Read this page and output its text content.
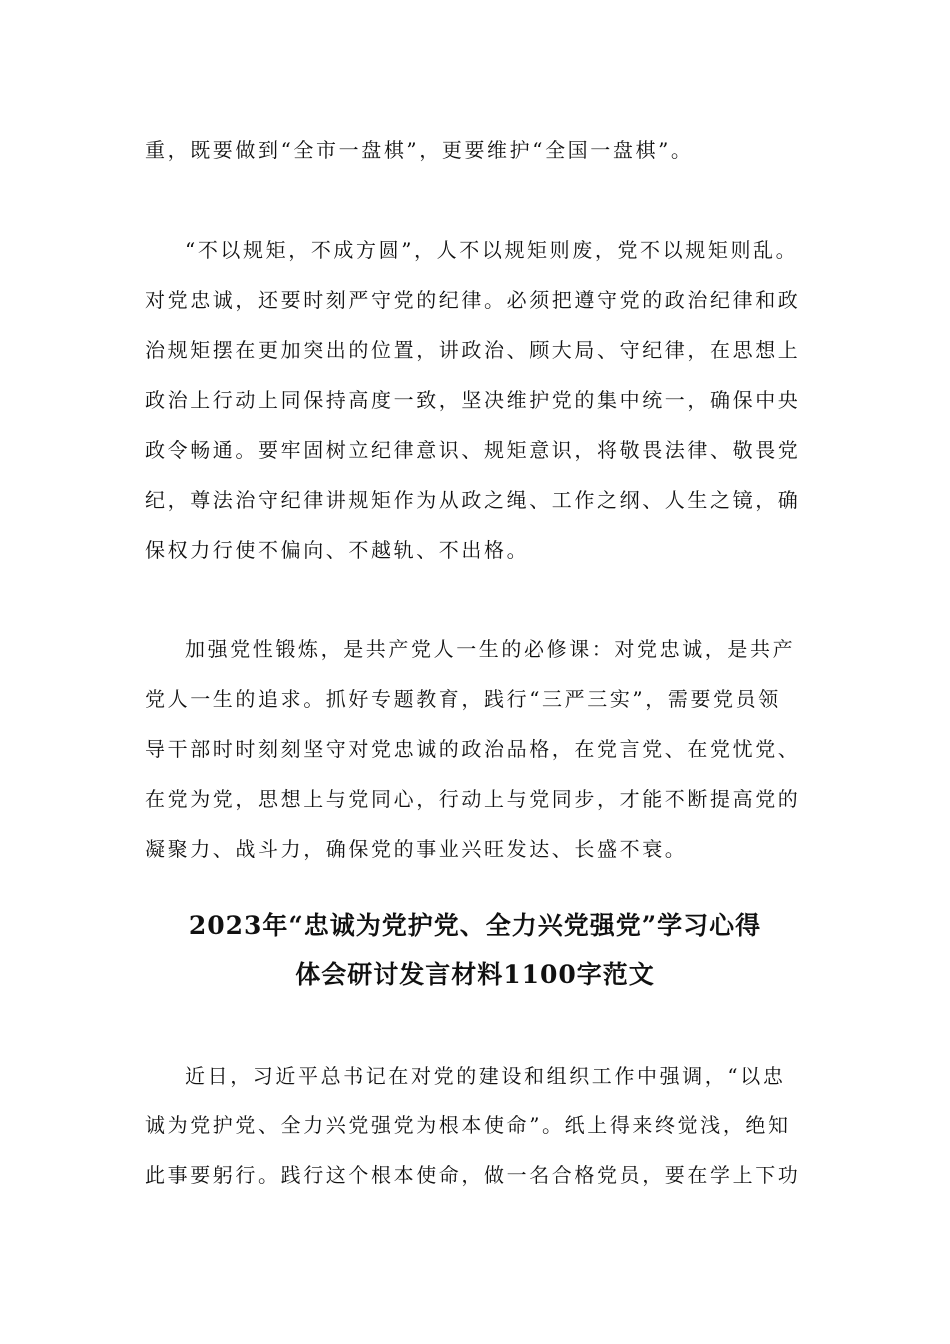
重，既要做到“全市一盘棋”，更要维护“全国一盘棋”。
“不以规矩，不成方圆”，人不以规矩则废，党不以规矩则乱。
对党忠诚，还要时刻严守党的纪律。必须把遵守党的政治纪律和政
治规矩摆在更加突出的位置，讲政治、顾大局、守纪律，在思想上
政治上行动上同保持高度一致，坚决维护党的集中统一，确保中央
政令畅通。要牢固树立纪律意识、规矩意识，将敬畏法律、敬畏党
纪，尊法治守纪律讲规矩作为从政之绳、工作之纲、人生之镜，确
保权力行使不偏向、不越轨、不出格。
加强党性锻炼，是共产党人一生的必修课：对党忠诚，是共产
党人一生的追求。抓好专题教育，践行“三严三实”，需要党员领
导干部时时刻刻坚守对党忠诚的政治品格，在党言党、在党忧党、
在党为党，思想上与党同心，行动上与党同步，才能不断提高党的
凝聚力、战斗力，确保党的事业兴旺发达、长盛不衰。
2023年“忠诚为党护党、全力兴党强党”学习心得
体会研讨发言材料1100字范文
近日，习近平总书记在对党的建设和组织工作中强调，“以忠
诚为党护党、全力兴党强党为根本使命”。纸上得来终觉浅，绝知
此事要躬行。践行这个根本使命，做一名合格党员，要在学上下功
